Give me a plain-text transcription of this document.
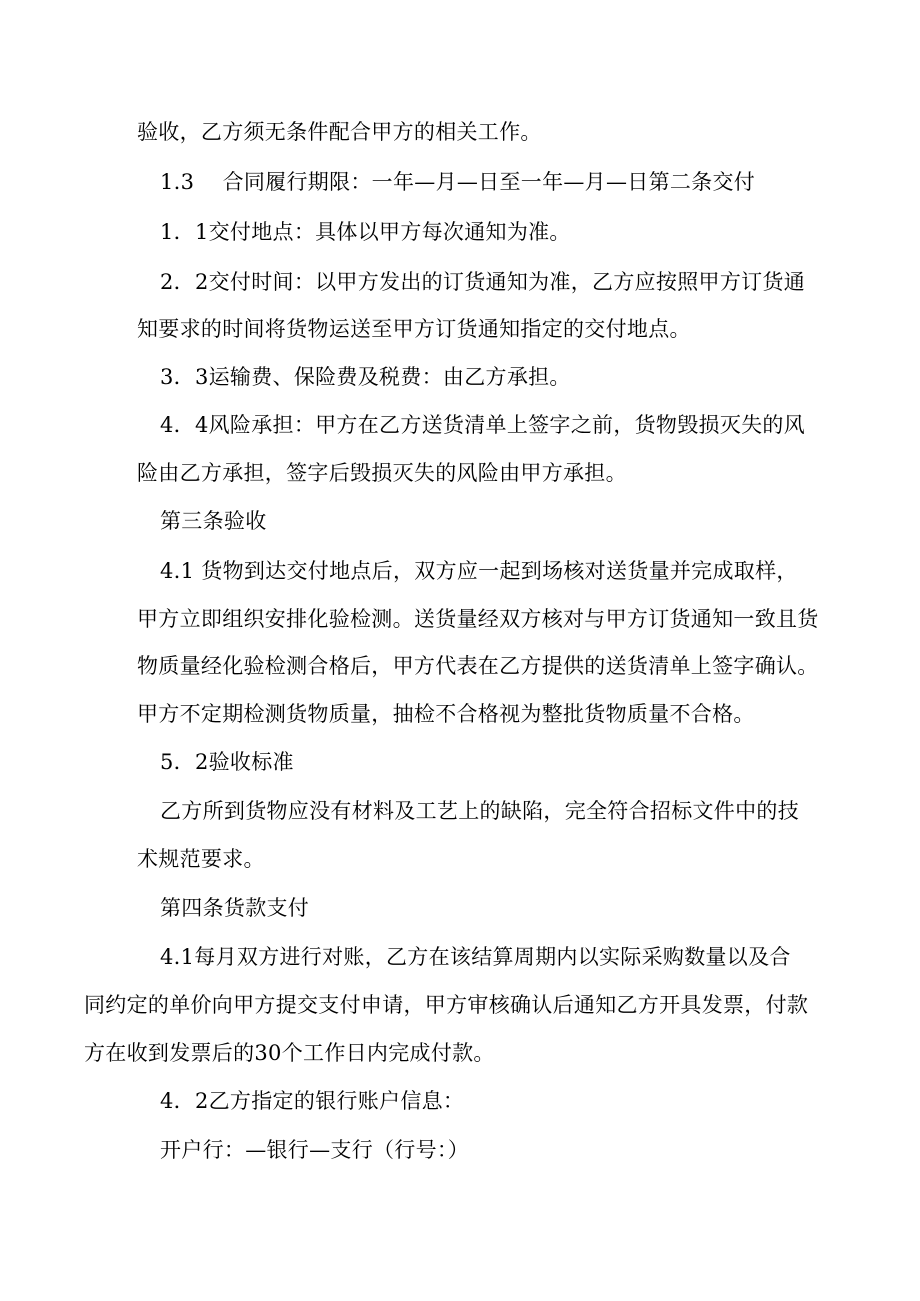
验收，乙方须无条件配合甲方的相关工作。
1.3　 合同履行期限：一年—月—日至一年—月—日第二条交付
1．1交付地点：具体以甲方每次通知为准。
2．2交付时间：以甲方发出的订货通知为准，乙方应按照甲方订货通
知要求的时间将货物运送至甲方订货通知指定的交付地点。
3．3运输费、保险费及税费：由乙方承担。
4．4风险承担：甲方在乙方送货清单上签字之前，货物毁损灭失的风
险由乙方承担，签字后毁损灭失的风险由甲方承担。
第三条验收
4.1 货物到达交付地点后，双方应一起到场核对送货量并完成取样，
甲方立即组织安排化验检测。送货量经双方核对与甲方订货通知一致且货
物质量经化验检测合格后，甲方代表在乙方提供的送货清单上签字确认。
甲方不定期检测货物质量，抽检不合格视为整批货物质量不合格。
5．2验收标准
乙方所到货物应没有材料及工艺上的缺陷，完全符合招标文件中的技
术规范要求。
第四条货款支付
4.1每月双方进行对账，乙方在该结算周期内以实际采购数量以及合
同约定的单价向甲方提交支付申请，甲方审核确认后通知乙方开具发票，付款
方在收到发票后的30个工作日内完成付款。
4．2乙方指定的银行账户信息：
开户行：—银行—支行（行号：）
